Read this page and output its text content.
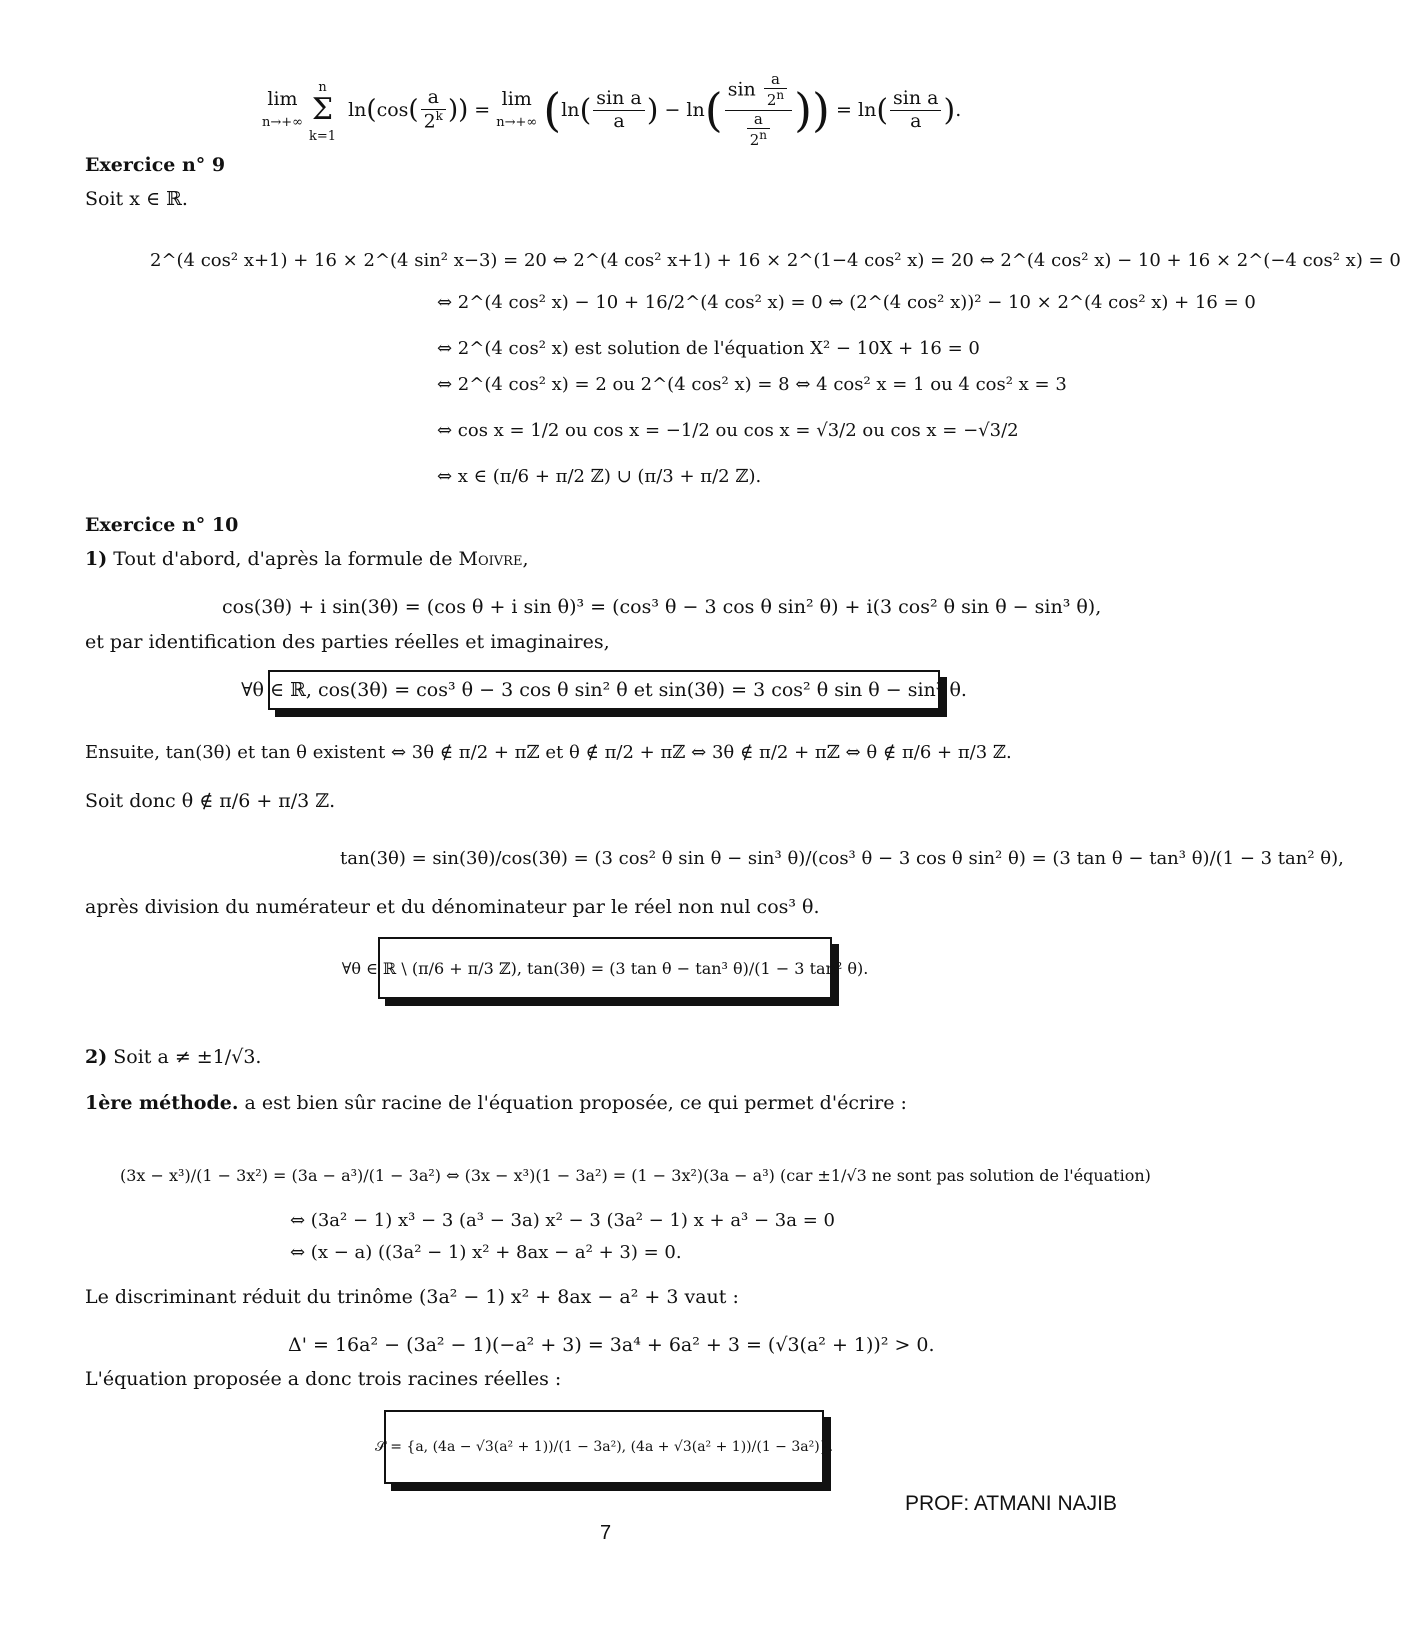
lim
n→+∞
n
Σ
k=1
ln ( cos ( $\frac{a}{2^k}$ )) = lim
n→+∞
( ln ( $\frac{\text{sin a}}{a}$ ) − ln ( $\frac{\sin \frac{a}{2^n}}{\frac{a}{2^n}}$ )) = ln ( $\frac{\text{sin a}}{a}$ ) .
Exercice n° 9
Soit x ∈ ℝ.
2^(4 cos² x+1) + 16 × 2^(4 sin² x−3) = 20 ⇔ 2^(4 cos² x+1) + 16 × 2^(1−4 cos² x) = 20 ⇔ 2^(4 cos² x) − 10 + 16 × 2^(−4 cos² x) = 0
⇔ 2^(4 cos² x) − 10 + 16/2^(4 cos² x) = 0 ⇔ (2^(4 cos² x))² − 10 × 2^(4 cos² x) + 16 = 0
⇔ 2^(4 cos² x) est solution de l'équation X² − 10X + 16 = 0
⇔ 2^(4 cos² x) = 2 ou 2^(4 cos² x) = 8 ⇔ 4 cos² x = 1 ou 4 cos² x = 3
⇔ cos x = 1/2 ou cos x = −1/2 ou cos x = √3/2 ou cos x = −√3/2
⇔ x ∈ (π/6 + π/2 ℤ) ∪ (π/3 + π/2 ℤ).
Exercice n° 10
1) Tout d'abord, d'après la formule de Moivre,
cos(3θ) + i sin(3θ) = (cos θ + i sin θ)³ = (cos³ θ − 3 cos θ sin² θ) + i(3 cos² θ sin θ − sin³ θ),
et par identification des parties réelles et imaginaires,
∀θ ∈ ℝ, cos(3θ) = cos³ θ − 3 cos θ sin² θ et sin(3θ) = 3 cos² θ sin θ − sin³ θ.
Ensuite, tan(3θ) et tan θ existent ⇔ 3θ ∉ π/2 + πℤ et θ ∉ π/2 + πℤ ⇔ 3θ ∉ π/2 + πℤ ⇔ θ ∉ π/6 + π/3 ℤ.
Soit donc θ ∉ π/6 + π/3 ℤ.
tan(3θ) = sin(3θ)/cos(3θ) = (3 cos² θ sin θ − sin³ θ)/(cos³ θ − 3 cos θ sin² θ) = (3 tan θ − tan³ θ)/(1 − 3 tan² θ),
après division du numérateur et du dénominateur par le réel non nul cos³ θ.
∀θ ∈ ℝ \ (π/6 + π/3 ℤ), tan(3θ) = (3 tan θ − tan³ θ)/(1 − 3 tan² θ).
2) Soit a ≠ ±1/√3.
1ère méthode. a est bien sûr racine de l'équation proposée, ce qui permet d'écrire :
(3x − x³)/(1 − 3x²) = (3a − a³)/(1 − 3a²) ⇔ (3x − x³)(1 − 3a²) = (1 − 3x²)(3a − a³) (car ±1/√3 ne sont pas solution de l'équation)
⇔ (3a² − 1) x³ − 3 (a³ − 3a) x² − 3 (3a² − 1) x + a³ − 3a = 0
⇔ (x − a) ((3a² − 1) x² + 8ax − a² + 3) = 0.
Le discriminant réduit du trinôme (3a² − 1) x² + 8ax − a² + 3 vaut :
Δ' = 16a² − (3a² − 1)(−a² + 3) = 3a⁴ + 6a² + 3 = (√3(a² + 1))² > 0.
L'équation proposée a donc trois racines réelles :
𝒮 = {a, (4a − √3(a² + 1))/(1 − 3a²), (4a + √3(a² + 1))/(1 − 3a²)}.
PROF: ATMANI NAJIB
7
